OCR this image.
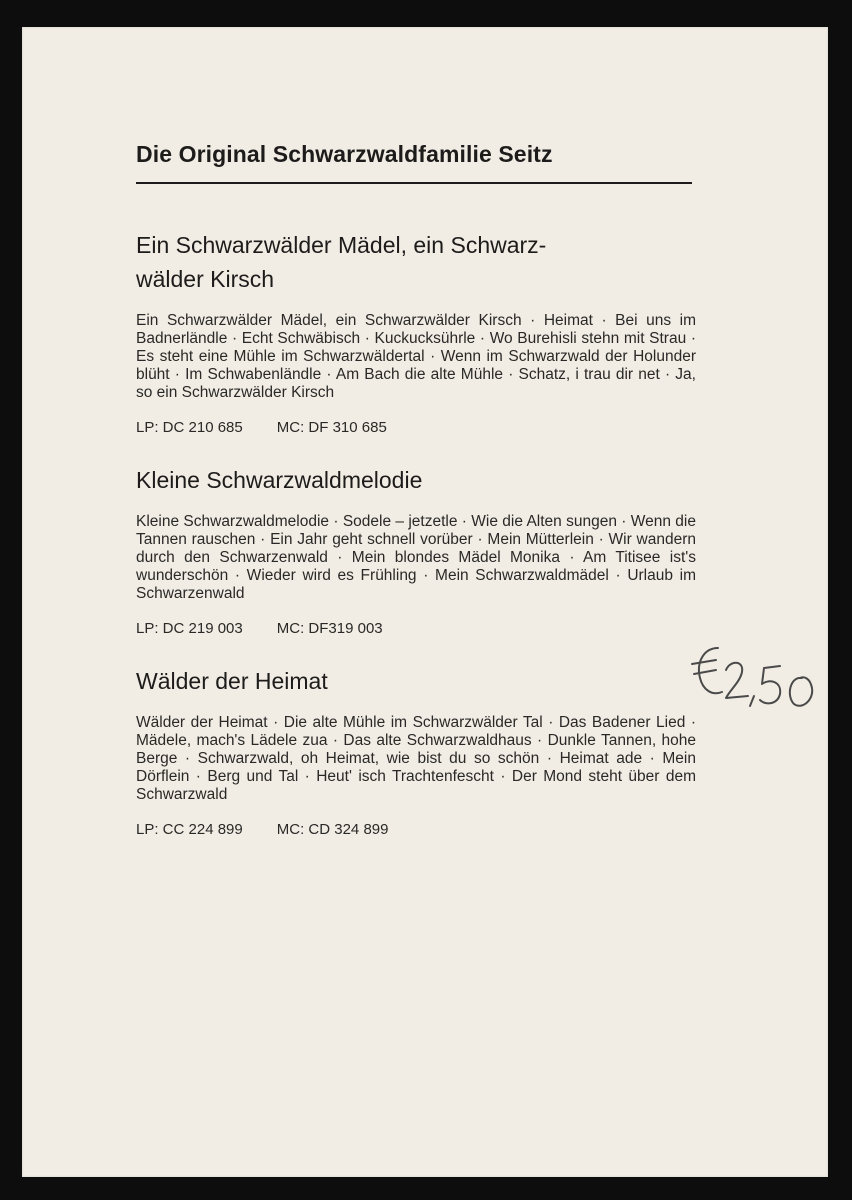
Die Original Schwarzwaldfamilie Seitz
Ein Schwarzwälder Mädel, ein Schwarz-
wälder Kirsch

Ein Schwarzwälder Mädel, ein Schwarzwälder Kirsch · Heimat · Bei uns im Badnerländle · Echt Schwäbisch · Kuckucksührle · Wo Burehisli stehn mit Strau · Es steht eine Mühle im Schwarzwäldertal · Wenn im Schwarzwald der Holunder blüht · Im Schwabenländle · Am Bach die alte Mühle · Schatz, i trau dir net · Ja, so ein Schwarzwälder Kirsch

LP: DC 210 685 MC: DF 310 685
Kleine Schwarzwaldmelodie

Kleine Schwarzwaldmelodie · Sodele – jetzetle · Wie die Alten sungen · Wenn die Tannen rauschen · Ein Jahr geht schnell vorüber · Mein Mütterlein · Wir wandern durch den Schwarzenwald · Mein blondes Mädel Monika · Am Titisee ist's wunderschön · Wieder wird es Frühling · Mein Schwarzwaldmädel · Urlaub im Schwarzenwald

LP: DC 219 003 MC: DF319 003
Wälder der Heimat

Wälder der Heimat · Die alte Mühle im Schwarzwälder Tal · Das Badener Lied · Mädele, mach's Lädele zua · Das alte Schwarzwaldhaus · Dunkle Tannen, hohe Berge · Schwarzwald, oh Heimat, wie bist du so schön · Heimat ade · Mein Dörflein · Berg und Tal · Heut' isch Trachtenfescht · Der Mond steht über dem Schwarzwald

LP: CC 224 899 MC: CD 324 899
